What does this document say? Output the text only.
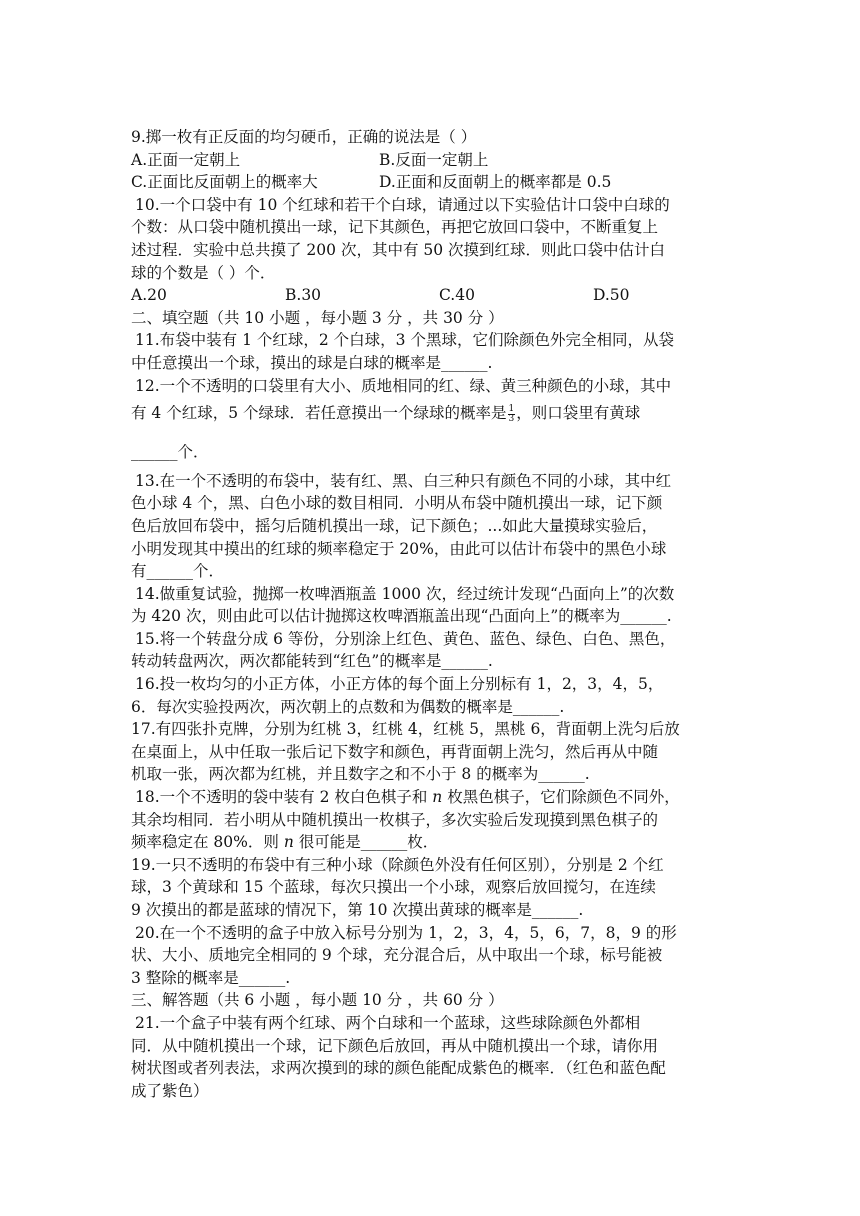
9.掷一枚有正反面的均匀硬币，正确的说法是（ ）
A.正面一定朝上	B.反面一定朝上
C.正面比反面朝上的概率大	D.正面和反面朝上的概率都是 0.5
10.一个口袋中有 10 个红球和若干个白球，请通过以下实验估计口袋中白球的
个数：从口袋中随机摸出一球，记下其颜色，再把它放回口袋中，不断重复上
述过程．实验中总共摸了 200 次，其中有 50 次摸到红球．则此口袋中估计白
球的个数是（ ）个．
A.20	B.30	C.40	D.50
二、填空题（共 10 小题 ，每小题 3 分 ，共 30 分 ）
11.布袋中装有 1 个红球，2 个白球，3 个黑球，它们除颜色外完全相同，从袋
中任意摸出一个球，摸出的球是白球的概率是______.
12.一个不透明的口袋里有大小、质地相同的红、绿、黄三种颜色的小球，其中
有 4 个红球，5 个绿球．若任意摸出一个绿球的概率是 $\frac{1}{3}$ ，则口袋里有黄球
______个．
13.在一个不透明的布袋中，装有红、黑、白三种只有颜色不同的小球，其中红
色小球 4 个，黑、白色小球的数目相同．小明从布袋中随机摸出一球，记下颜
色后放回布袋中，摇匀后随机摸出一球，记下颜色；...如此大量摸球实验后，
小明发现其中摸出的红球的频率稳定于 20%，由此可以估计布袋中的黑色小球
有______个．
14.做重复试验，抛掷一枚啤酒瓶盖 1000 次，经过统计发现“凸面向上”的次数
为 420 次，则由此可以估计抛掷这枚啤酒瓶盖出现“凸面向上”的概率为______.
15.将一个转盘分成 6 等份，分别涂上红色、黄色、蓝色、绿色、白色、黑色，
转动转盘两次，两次都能转到“红色”的概率是______.
16.投一枚均匀的小正方体，小正方体的每个面上分别标有 1，2，3，4，5，
6．每次实验投两次，两次朝上的点数和为偶数的概率是______.
17.有四张扑克牌，分别为红桃 3，红桃 4，红桃 5，黑桃 6，背面朝上洗匀后放
在桌面上，从中任取一张后记下数字和颜色，再背面朝上洗匀，然后再从中随
机取一张，两次都为红桃，并且数字之和不小于 8 的概率为______.
18.一个不透明的袋中装有 2 枚白色棋子和 n 枚黑色棋子，它们除颜色不同外，
其余均相同．若小明从中随机摸出一枚棋子，多次实验后发现摸到黑色棋子的
频率稳定在 80%．则 n 很可能是______枚．
19.一只不透明的布袋中有三种小球（除颜色外没有任何区别），分别是 2 个红
球，3 个黄球和 15 个蓝球，每次只摸出一个小球，观察后放回搅匀，在连续
9 次摸出的都是蓝球的情况下，第 10 次摸出黄球的概率是______.
20.在一个不透明的盒子中放入标号分别为 1，2，3，4，5，6，7，8，9 的形
状、大小、质地完全相同的 9 个球，充分混合后，从中取出一个球，标号能被
3 整除的概率是______.
三、解答题（共 6 小题 ，每小题 10 分 ，共 60 分 ）
21.一个盒子中装有两个红球、两个白球和一个蓝球，这些球除颜色外都相
同．从中随机摸出一个球，记下颜色后放回，再从中随机摸出一个球，请你用
树状图或者列表法，求两次摸到的球的颜色能配成紫色的概率．（红色和蓝色配
成了紫色）
